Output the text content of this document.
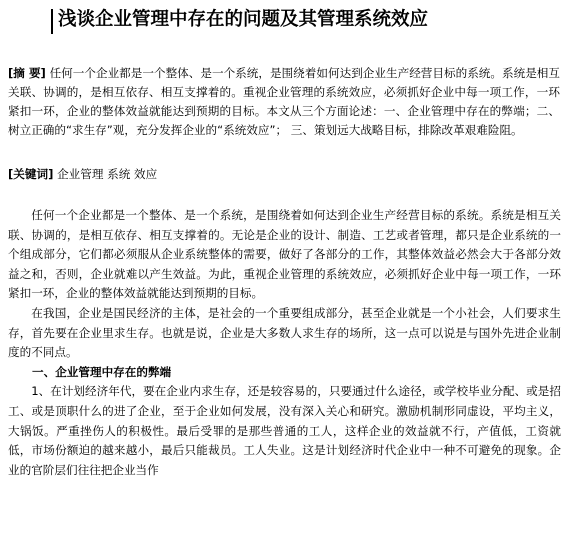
浅谈企业管理中存在的问题及其管理系统效应
[摘 要] 任何一个企业都是一个整体、是一个系统，是围绕着如何达到企业生产经营目标的系统。系统是相互关联、协调的，是相互依存、相互支撑着的。重视企业管理的系统效应，必须抓好企业中每一项工作，一环紧扣一环，企业的整体效益就能达到预期的目标。本文从三个方面论述：一、企业管理中存在的弊端；二、树立正确的“求生存”观，充分发挥企业的“系统效应”； 三、策划远大战略目标，排除改革艰难险阻。
[关键词] 企业管理 系统 效应

任何一个企业都是一个整体、是一个系统，是围绕着如何达到企业生产经营目标的系统。系统是相互关联、协调的，是相互依存、相互支撑着的。无论是企业的设计、制造、工艺或者管理，都只是企业系统的一个组成部分，它们都必须服从企业系统整体的需要，做好了各部分的工作，其整体效益必然会大于各部分效益之和，否则，企业就难以产生效益。为此，重视企业管理的系统效应，必须抓好企业中每一项工作，一环紧扣一环，企业的整体效益就能达到预期的目标。

在我国，企业是国民经济的主体，是社会的一个重要组成部分，甚至企业就是一个小社会，人们要求生存，首先要在企业里求生存。也就是说，企业是大多数人求生存的场所，这一点可以说是与国外先进企业制度的不同点。

一、企业管理中存在的弊端

1、在计划经济年代，要在企业内求生存，还是较容易的，只要通过什么途径，或学校毕业分配、或是招工、或是顶职什么的进了企业，至于企业如何发展，没有深入关心和研究。激励机制形同虚设，平均主义，大锅饭。严重挫伤人的积极性。最后受罪的是那些普通的工人，这样企业的效益就不行，产值低，工资就低，市场份额迫的越来越小，最后只能裁员。工人失业。这是计划经济时代企业中一种不可避免的现象。企业的官阶层们往往把企业当作
